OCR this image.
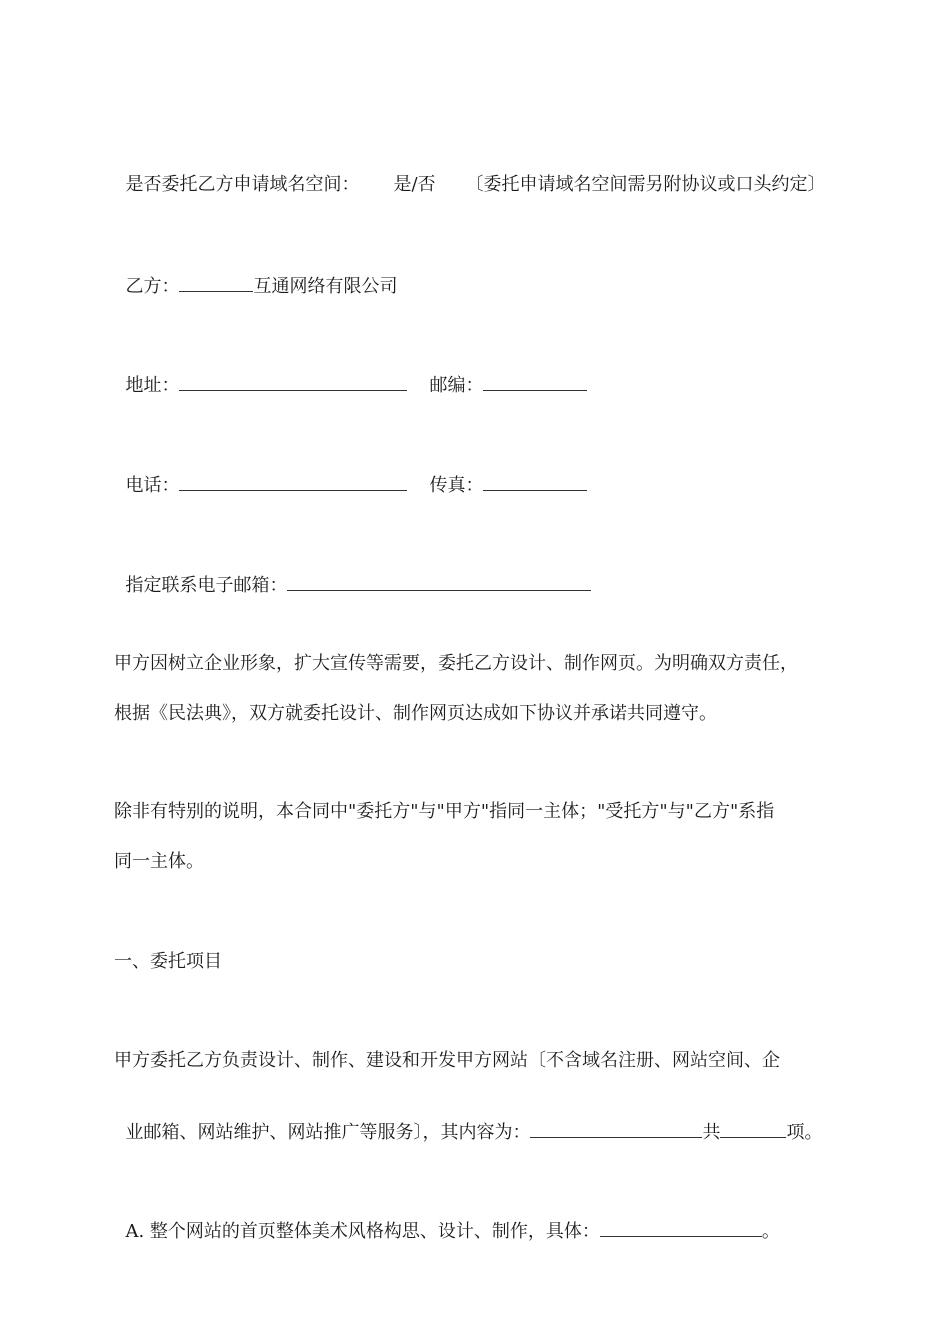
是否委托乙方申请域名空间： 是/否 〔委托申请域名空间需另附协议或口头约定〕

乙方：	互通网络有限公司

地址：	邮编：

电话：	传真：

指定联系电子邮箱：

甲方因树立企业形象，扩大宣传等需要，委托乙方设计、制作网页。为明确双方责任，
根据《民法典》，双方就委托设计、制作网页达成如下协议并承诺共同遵守。
除非有特别的说明，本合同中"委托方"与"甲方"指同一主体；"受托方"与"乙方"系指
同一主体。
一、委托项目
甲方委托乙方负责设计、制作、建设和开发甲方网站〔不含域名注册、网站空间、企

业邮箱、网站维护、网站推广等服务〕，其内容为：	共	项。

A. 整个网站的首页整体美术风格构思、设计、制作，具体：	。
